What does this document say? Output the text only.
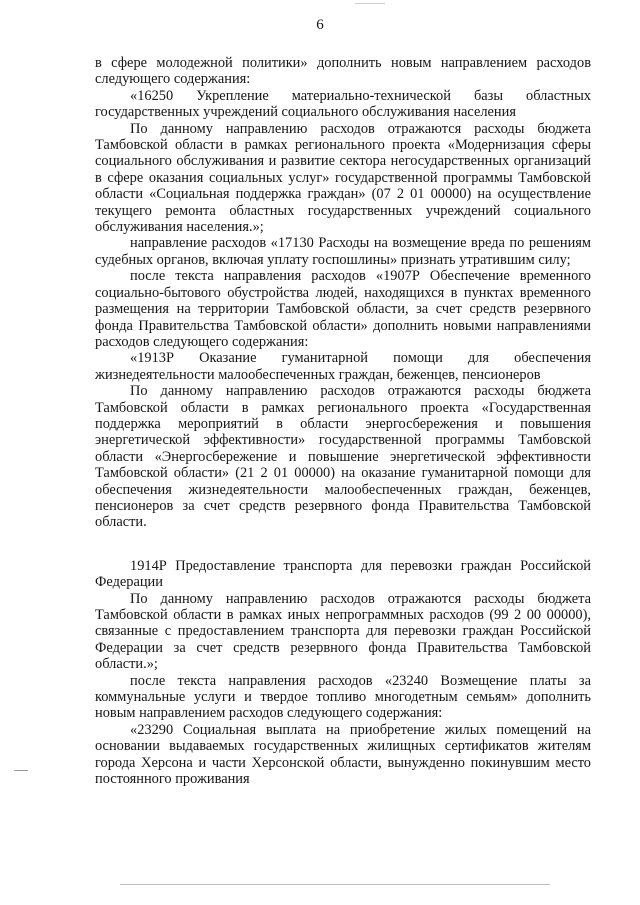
6

в сфере молодежной политики» дополнить новым направлением расходов следующего содержания:

«16250 Укрепление материально-технической базы областных государственных учреждений социального обслуживания населения

По данному направлению расходов отражаются расходы бюджета Тамбовской области в рамках регионального проекта «Модернизация сферы социального обслуживания и развитие сектора негосударственных организаций в сфере оказания социальных услуг» государственной программы Тамбовской области «Социальная поддержка граждан» (07 2 01 00000) на осуществление текущего ремонта областных государственных учреждений социального обслуживания населения.»;

направление расходов «17130 Расходы на возмещение вреда по решениям судебных органов, включая уплату госпошлины» признать утратившим силу;

после текста направления расходов «1907Р Обеспечение временного социально-бытового обустройства людей, находящихся в пунктах временного размещения на территории Тамбовской области, за счет средств резервного фонда Правительства Тамбовской области» дополнить новыми направлениями расходов следующего содержания:

«1913Р Оказание гуманитарной помощи для обеспечения жизнедеятельности малообеспеченных граждан, беженцев, пенсионеров

По данному направлению расходов отражаются расходы бюджета Тамбовской области в рамках регионального проекта «Государственная поддержка мероприятий в области энергосбережения и повышения энергетической эффективности» государственной программы Тамбовской области «Энергосбережение и повышение энергетической эффективности Тамбовской области» (21 2 01 00000) на оказание гуманитарной помощи для обеспечения жизнедеятельности малообеспеченных граждан, беженцев, пенсионеров за счет средств резервного фонда Правительства Тамбовской области.

1914Р Предоставление транспорта для перевозки граждан Российской Федерации

По данному направлению расходов отражаются расходы бюджета Тамбовской области в рамках иных непрограммных расходов (99 2 00 00000), связанные с предоставлением транспорта для перевозки граждан Российской Федерации за счет средств резервного фонда Правительства Тамбовской области.»;

после текста направления расходов «23240 Возмещение платы за коммунальные услуги и твердое топливо многодетным семьям» дополнить новым направлением расходов следующего содержания:

«23290 Социальная выплата на приобретение жилых помещений на основании выдаваемых государственных жилищных сертификатов жителям города Херсона и части Херсонской области, вынужденно покинувшим место постоянного проживания
